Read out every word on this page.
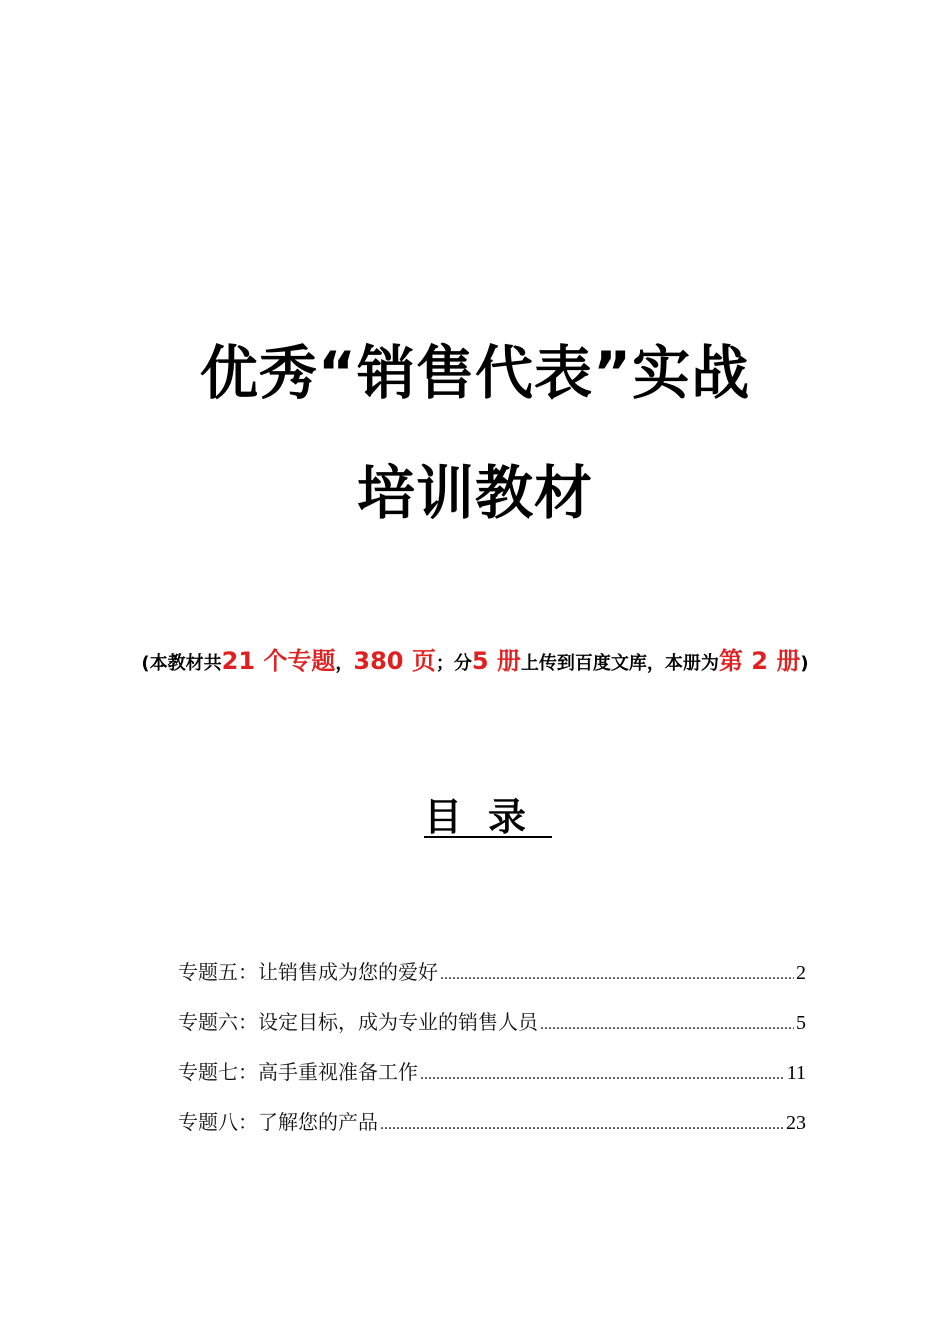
优秀“销售代表”实战
培训教材
(本教材共21 个专题，380 页；分5 册上传到百度文库，本册为第 2 册)
目录
专题五：让销售成为您的爱好 .....	2
专题六：设定目标，成为专业的销售人员 .....	5
专题七：高手重视准备工作 .....	11
专题八：了解您的产品 .....	23
